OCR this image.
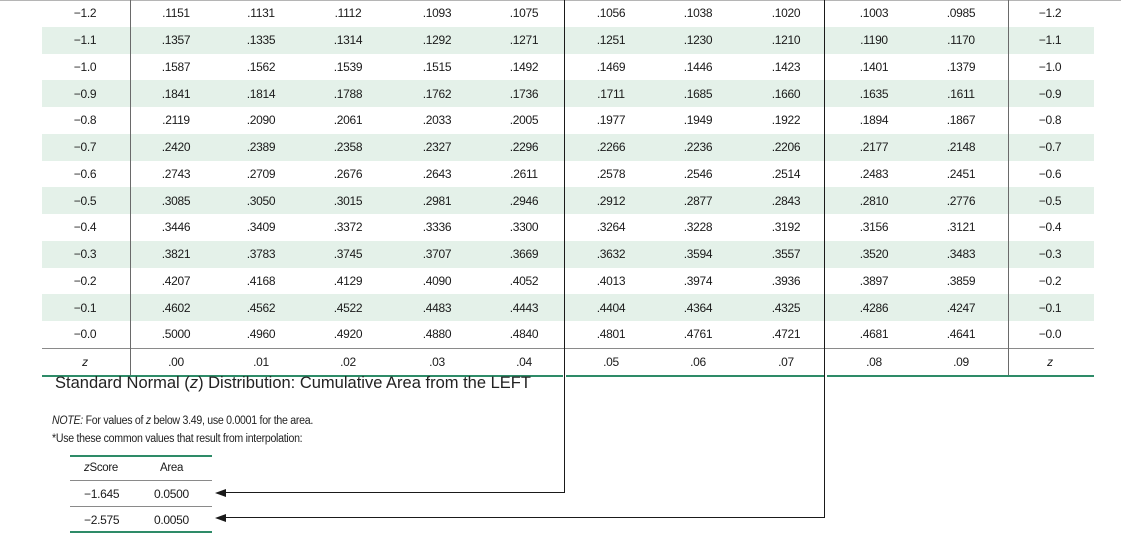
−1.2	.1151	.1131	.1112	.1093	.1075	.1056	.1038	.1020	.1003	.0985	−1.2
−1.1	.1357	.1335	.1314	.1292	.1271	.1251	.1230	.1210	.1190	.1170	−1.1
−1.0	.1587	.1562	.1539	.1515	.1492	.1469	.1446	.1423	.1401	.1379	−1.0
−0.9	.1841	.1814	.1788	.1762	.1736	.1711	.1685	.1660	.1635	.1611	−0.9
−0.8	.2119	.2090	.2061	.2033	.2005	.1977	.1949	.1922	.1894	.1867	−0.8
−0.7	.2420	.2389	.2358	.2327	.2296	.2266	.2236	.2206	.2177	.2148	−0.7
−0.6	.2743	.2709	.2676	.2643	.2611	.2578	.2546	.2514	.2483	.2451	−0.6
−0.5	.3085	.3050	.3015	.2981	.2946	.2912	.2877	.2843	.2810	.2776	−0.5
−0.4	.3446	.3409	.3372	.3336	.3300	.3264	.3228	.3192	.3156	.3121	−0.4
−0.3	.3821	.3783	.3745	.3707	.3669	.3632	.3594	.3557	.3520	.3483	−0.3
−0.2	.4207	.4168	.4129	.4090	.4052	.4013	.3974	.3936	.3897	.3859	−0.2
−0.1	.4602	.4562	.4522	.4483	.4443	.4404	.4364	.4325	.4286	.4247	−0.1
−0.0	.5000	.4960	.4920	.4880	.4840	.4801	.4761	.4721	.4681	.4641	−0.0
z	.00	.01	.02	.03	.04	.05	.06	.07	.08	.09	z
Standard Normal (z) Distribution: Cumulative Area from the LEFT
NOTE: For values of z below 3.49, use 0.0001 for the area.
*Use these common values that result from interpolation:
z Score	Area
−1.645	0.0500
−2.575	0.0050
